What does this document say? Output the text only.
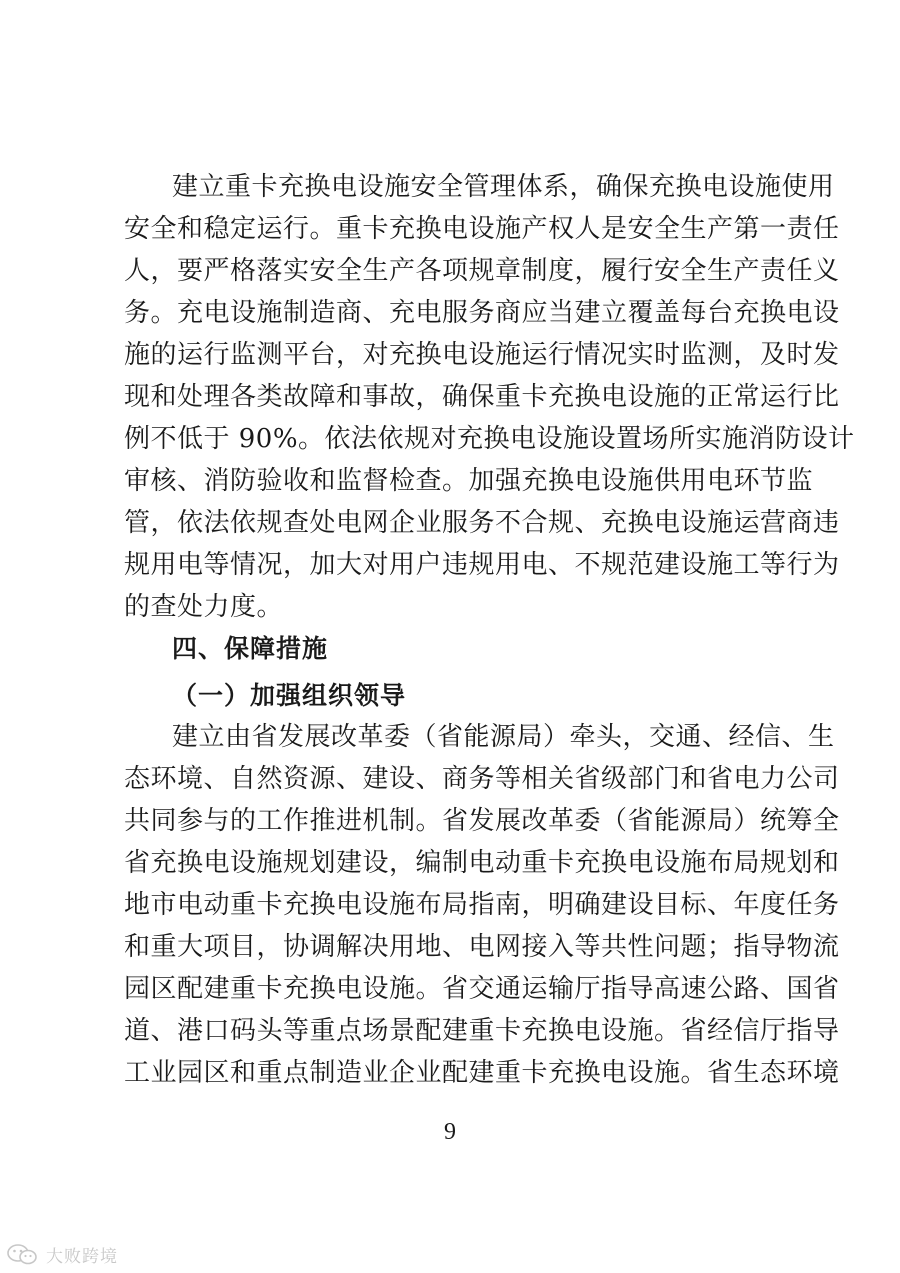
建立重卡充换电设施安全管理体系，确保充换电设施使用
安全和稳定运行。重卡充换电设施产权人是安全生产第一责任
人，要严格落实安全生产各项规章制度，履行安全生产责任义
务。充电设施制造商、充电服务商应当建立覆盖每台充换电设
施的运行监测平台，对充换电设施运行情况实时监测，及时发
现和处理各类故障和事故，确保重卡充换电设施的正常运行比
例不低于 90%。依法依规对充换电设施设置场所实施消防设计
审核、消防验收和监督检查。加强充换电设施供用电环节监
管，依法依规查处电网企业服务不合规、充换电设施运营商违
规用电等情况，加大对用户违规用电、不规范建设施工等行为
的查处力度。
四、保障措施
（一）加强组织领导
建立由省发展改革委（省能源局）牵头，交通、经信、生
态环境、自然资源、建设、商务等相关省级部门和省电力公司
共同参与的工作推进机制。省发展改革委（省能源局）统筹全
省充换电设施规划建设，编制电动重卡充换电设施布局规划和
地市电动重卡充换电设施布局指南，明确建设目标、年度任务
和重大项目，协调解决用地、电网接入等共性问题；指导物流
园区配建重卡充换电设施。省交通运输厅指导高速公路、国省
道、港口码头等重点场景配建重卡充换电设施。省经信厅指导
工业园区和重点制造业企业配建重卡充换电设施。省生态环境
9
大败跨境
